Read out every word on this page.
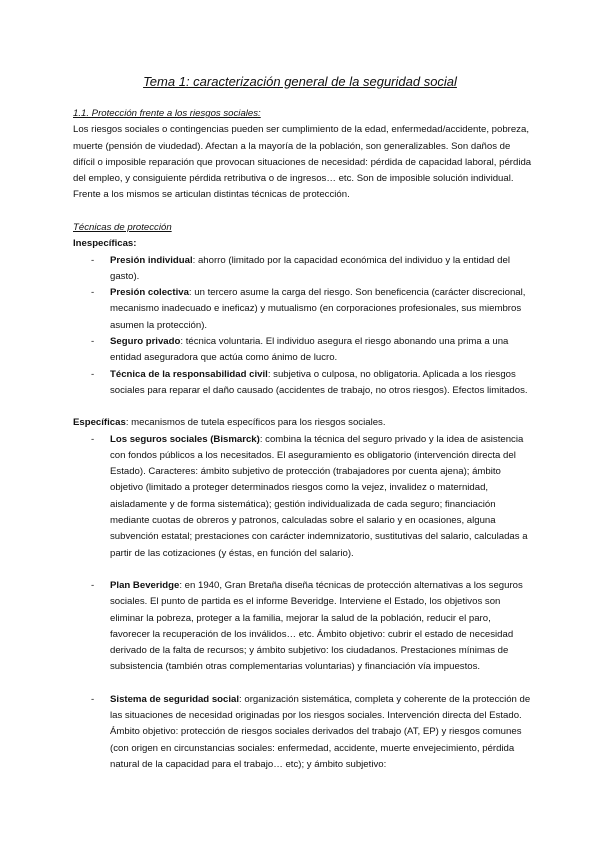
Tema 1: caracterización general de la seguridad social
1.1. Protección frente a los riesgos sociales:
Los riesgos sociales o contingencias pueden ser cumplimiento de la edad, enfermedad/accidente, pobreza, muerte (pensión de viudedad). Afectan a la mayoría de la población, son generalizables. Son daños de difícil o imposible reparación que provocan situaciones de necesidad: pérdida de capacidad laboral, pérdida del empleo, y consiguiente pérdida retributiva o de ingresos… etc. Son de imposible solución individual. Frente a los mismos se articulan distintas técnicas de protección.
Técnicas de protección
Inespecíficas:
- Presión individual: ahorro (limitado por la capacidad económica del individuo y la entidad del gasto).
- Presión colectiva: un tercero asume la carga del riesgo. Son beneficencia (carácter discrecional, mecanismo inadecuado e ineficaz) y mutualismo (en corporaciones profesionales, sus miembros asumen la protección).
- Seguro privado: técnica voluntaria. El individuo asegura el riesgo abonando una prima a una entidad aseguradora que actúa como ánimo de lucro.
- Técnica de la responsabilidad civil: subjetiva o culposa, no obligatoria. Aplicada a los riesgos sociales para reparar el daño causado (accidentes de trabajo, no otros riesgos). Efectos limitados.
Específicas: mecanismos de tutela específicos para los riesgos sociales.
- Los seguros sociales (Bismarck): combina la técnica del seguro privado y la idea de asistencia con fondos públicos a los necesitados. El aseguramiento es obligatorio (intervención directa del Estado). Caracteres: ámbito subjetivo de protección (trabajadores por cuenta ajena); ámbito objetivo (limitado a proteger determinados riesgos como la vejez, invalidez o maternidad, aisladamente y de forma sistemática); gestión individualizada de cada seguro; financiación mediante cuotas de obreros y patronos, calculadas sobre el salario y en ocasiones, alguna subvención estatal; prestaciones con carácter indemnizatorio, sustitutivas del salario, calculadas a partir de las cotizaciones (y éstas, en función del salario).
- Plan Beveridge: en 1940, Gran Bretaña diseña técnicas de protección alternativas a los seguros sociales. El punto de partida es el informe Beveridge. Interviene el Estado, los objetivos son eliminar la pobreza, proteger a la familia, mejorar la salud de la población, reducir el paro, favorecer la recuperación de los inválidos… etc. Ámbito objetivo: cubrir el estado de necesidad derivado de la falta de recursos; y ámbito subjetivo: los ciudadanos. Prestaciones mínimas de subsistencia (también otras complementarias voluntarias) y financiación vía impuestos.
- Sistema de seguridad social: organización sistemática, completa y coherente de la protección de las situaciones de necesidad originadas por los riesgos sociales. Intervención directa del Estado. Ámbito objetivo: protección de riesgos sociales derivados del trabajo (AT, EP) y riesgos comunes (con origen en circunstancias sociales: enfermedad, accidente, muerte envejecimiento, pérdida natural de la capacidad para el trabajo… etc); y ámbito subjetivo:
